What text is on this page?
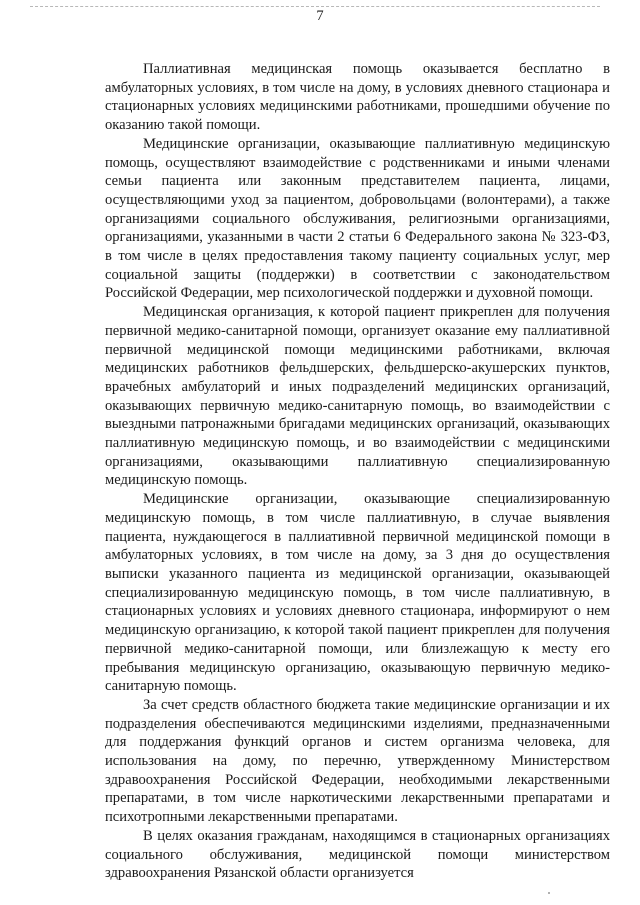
7

Паллиативная медицинская помощь оказывается бесплатно в амбулаторных условиях, в том числе на дому, в условиях дневного стационара и стационарных условиях медицинскими работниками, прошедшими обучение по оказанию такой помощи.

Медицинские организации, оказывающие паллиативную медицинскую помощь, осуществляют взаимодействие с родственниками и иными членами семьи пациента или законным представителем пациента, лицами, осуществляющими уход за пациентом, добровольцами (волонтерами), а также организациями социального обслуживания, религиозными организациями, организациями, указанными в части 2 статьи 6 Федерального закона № 323-ФЗ, в том числе в целях предоставления такому пациенту социальных услуг, мер социальной защиты (поддержки) в соответствии с законодательством Российской Федерации, мер психологической поддержки и духовной помощи.

Медицинская организация, к которой пациент прикреплен для получения первичной медико-санитарной помощи, организует оказание ему паллиативной первичной медицинской помощи медицинскими работниками, включая медицинских работников фельдшерских, фельдшерско-акушерских пунктов, врачебных амбулаторий и иных подразделений медицинских организаций, оказывающих первичную медико-санитарную помощь, во взаимодействии с выездными патронажными бригадами медицинских организаций, оказывающих паллиативную медицинскую помощь, и во взаимодействии с медицинскими организациями, оказывающими паллиативную специализированную медицинскую помощь.

Медицинские организации, оказывающие специализированную медицинскую помощь, в том числе паллиативную, в случае выявления пациента, нуждающегося в паллиативной первичной медицинской помощи в амбулаторных условиях, в том числе на дому, за 3 дня до осуществления выписки указанного пациента из медицинской организации, оказывающей специализированную медицинскую помощь, в том числе паллиативную, в стационарных условиях и условиях дневного стационара, информируют о нем медицинскую организацию, к которой такой пациент прикреплен для получения первичной медико-санитарной помощи, или близлежащую к месту его пребывания медицинскую организацию, оказывающую первичную медико-санитарную помощь.

За счет средств областного бюджета такие медицинские организации и их подразделения обеспечиваются медицинскими изделиями, предназначенными для поддержания функций органов и систем организма человека, для использования на дому, по перечню, утвержденному Министерством здравоохранения Российской Федерации, необходимыми лекарственными препаратами, в том числе наркотическими лекарственными препаратами и психотропными лекарственными препаратами.

В целях оказания гражданам, находящимся в стационарных организациях социального обслуживания, медицинской помощи министерством здравоохранения Рязанской области организуется
